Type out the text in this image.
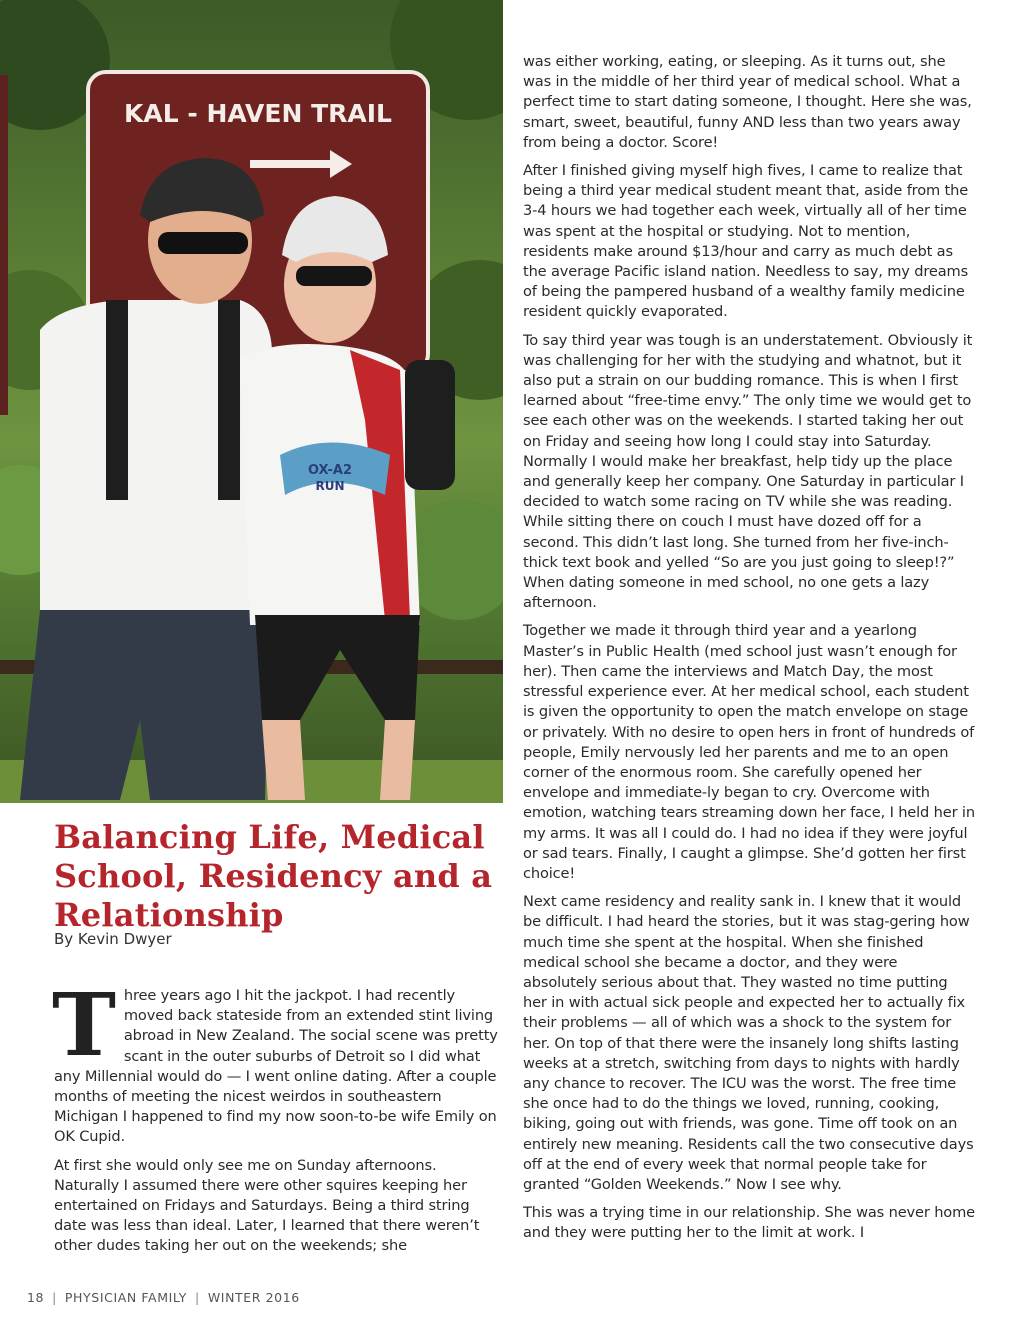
KAL - HAVEN TRAIL
OX-A2
RUN
Balancing Life, Medical School, Residency and a Relationship

By Kevin Dwyer

Three years ago I hit the jackpot. I had recently moved back stateside from an extended stint living abroad in New Zealand. The social scene was pretty scant in the outer suburbs of Detroit so I did what any Millennial would do — I went online dating. After a couple months of meeting the nicest weirdos in southeastern Michigan I happened to find my now soon-to-be wife Emily on OK Cupid.

At first she would only see me on Sunday afternoons. Naturally I assumed there were other squires keeping her entertained on Fridays and Saturdays. Being a third string date was less than ideal. Later, I learned that there weren’t other dudes taking her out on the weekends; she

was either working, eating, or sleeping. As it turns out, she was in the middle of her third year of medical school. What a perfect time to start dating someone, I thought. Here she was, smart, sweet, beautiful, funny AND less than two years away from being a doctor. Score!

After I finished giving myself high fives, I came to realize that being a third year medical student meant that, aside from the 3-4 hours we had together each week, virtually all of her time was spent at the hospital or studying. Not to mention, residents make around $13/hour and carry as much debt as the average Pacific island nation. Needless to say, my dreams of being the pampered husband of a wealthy family medicine resident quickly evaporated.

To say third year was tough is an understatement. Obviously it was challenging for her with the studying and whatnot, but it also put a strain on our budding romance. This is when I first learned about “free-time envy.” The only time we would get to see each other was on the weekends. I started taking her out on Friday and seeing how long I could stay into Saturday. Normally I would make her breakfast, help tidy up the place and generally keep her company. One Saturday in particular I decided to watch some racing on TV while she was reading. While sitting there on couch I must have dozed off for a second. This didn’t last long. She turned from her five-inch-thick text book and yelled “So are you just going to sleep!?” When dating someone in med school, no one gets a lazy afternoon.

Together we made it through third year and a yearlong Master’s in Public Health (med school just wasn’t enough for her). Then came the interviews and Match Day, the most stressful experience ever. At her medical school, each student is given the opportunity to open the match envelope on stage or privately. With no desire to open hers in front of hundreds of people, Emily nervously led her parents and me to an open corner of the enormous room. She carefully opened her envelope and immediate-ly began to cry. Overcome with emotion, watching tears streaming down her face, I held her in my arms. It was all I could do. I had no idea if they were joyful or sad tears. Finally, I caught a glimpse. She’d gotten her first choice!

Next came residency and reality sank in. I knew that it would be difficult. I had heard the stories, but it was stag-gering how much time she spent at the hospital. When she finished medical school she became a doctor, and they were absolutely serious about that. They wasted no time putting her in with actual sick people and expected her to actually fix their problems — all of which was a shock to the system for her. On top of that there were the insanely long shifts lasting weeks at a stretch, switching from days to nights with hardly any chance to recover. The ICU was the worst. The free time she once had to do the things we loved, running, cooking, biking, going out with friends, was gone. Time off took on an entirely new meaning. Residents call the two consecutive days off at the end of every week that normal people take for granted “Golden Weekends.” Now I see why.

This was a trying time in our relationship. She was never home and they were putting her to the limit at work. I

18 | PHYSICIAN FAMILY | WINTER 2016
